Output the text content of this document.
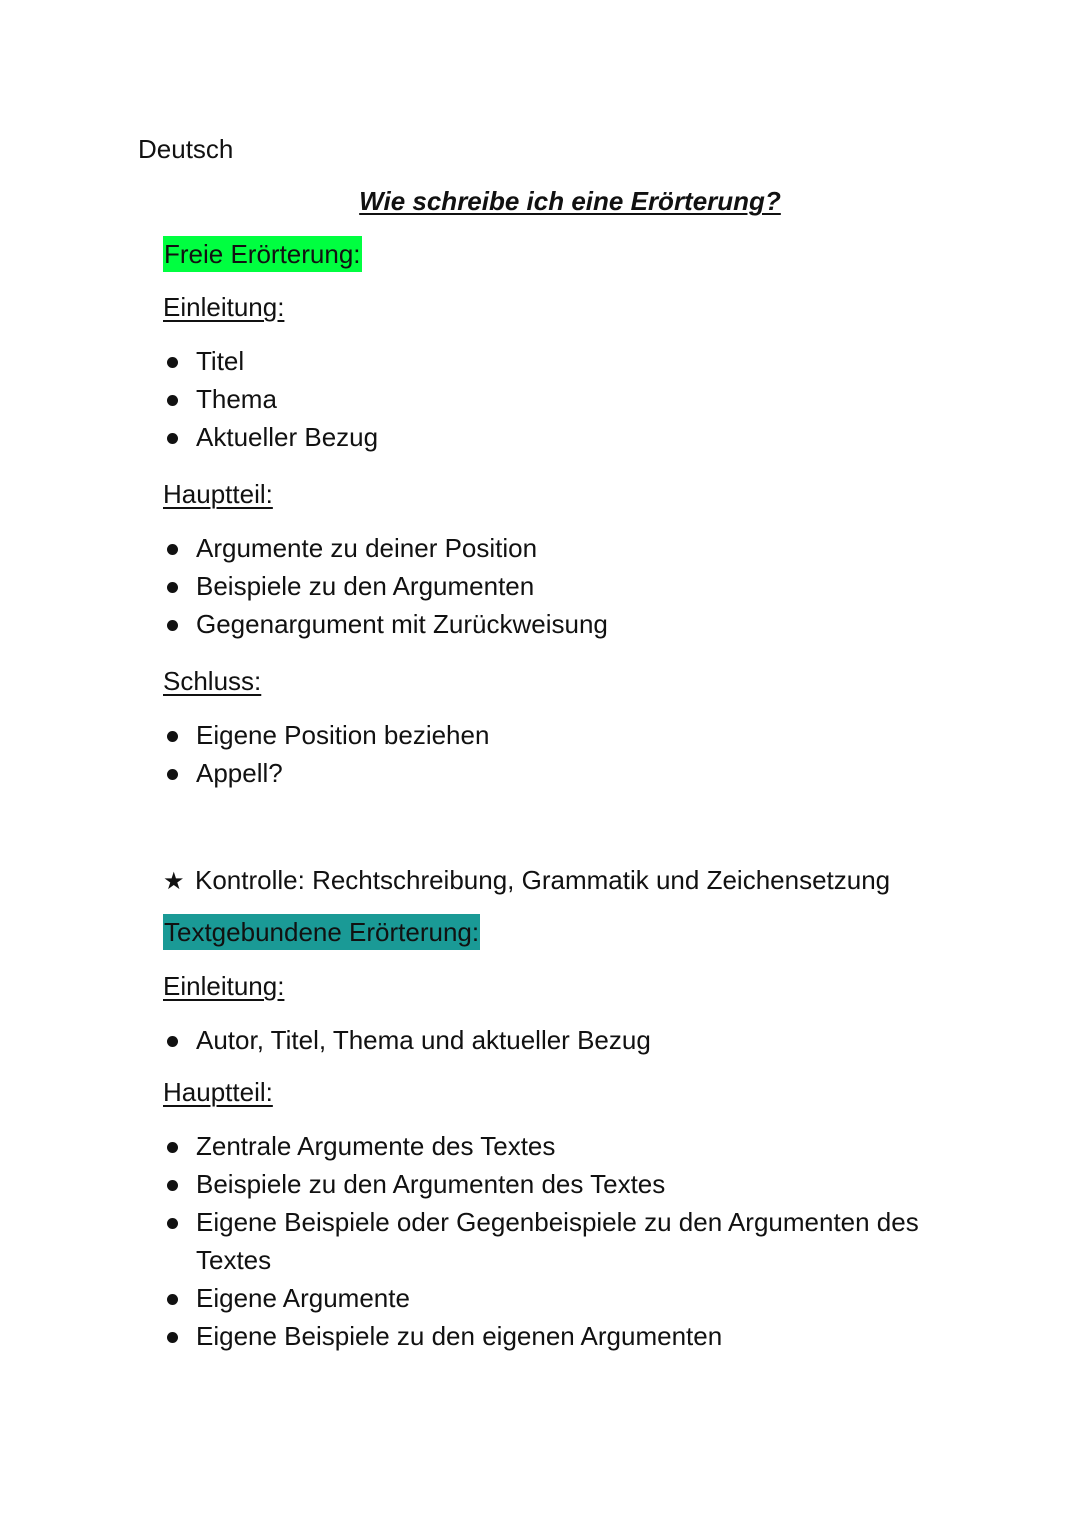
Deutsch
Wie schreibe ich eine Erörterung?
Freie Erörterung:

Einleitung:

Titel
Thema
Aktueller Bezug

Hauptteil:

Argumente zu deiner Position
Beispiele zu den Argumenten
Gegenargument mit Zurückweisung

Schluss:

Eigene Position beziehen
Appell?
★ Kontrolle: Rechtschreibung, Grammatik und Zeichensetzung
Textgebundene Erörterung:

Einleitung:

Autor, Titel, Thema und aktueller Bezug

Hauptteil:

Zentrale Argumente des Textes
Beispiele zu den Argumenten des Textes
Eigene Beispiele oder Gegenbeispiele zu den Argumenten des Textes
Eigene Argumente
Eigene Beispiele zu den eigenen Argumenten
